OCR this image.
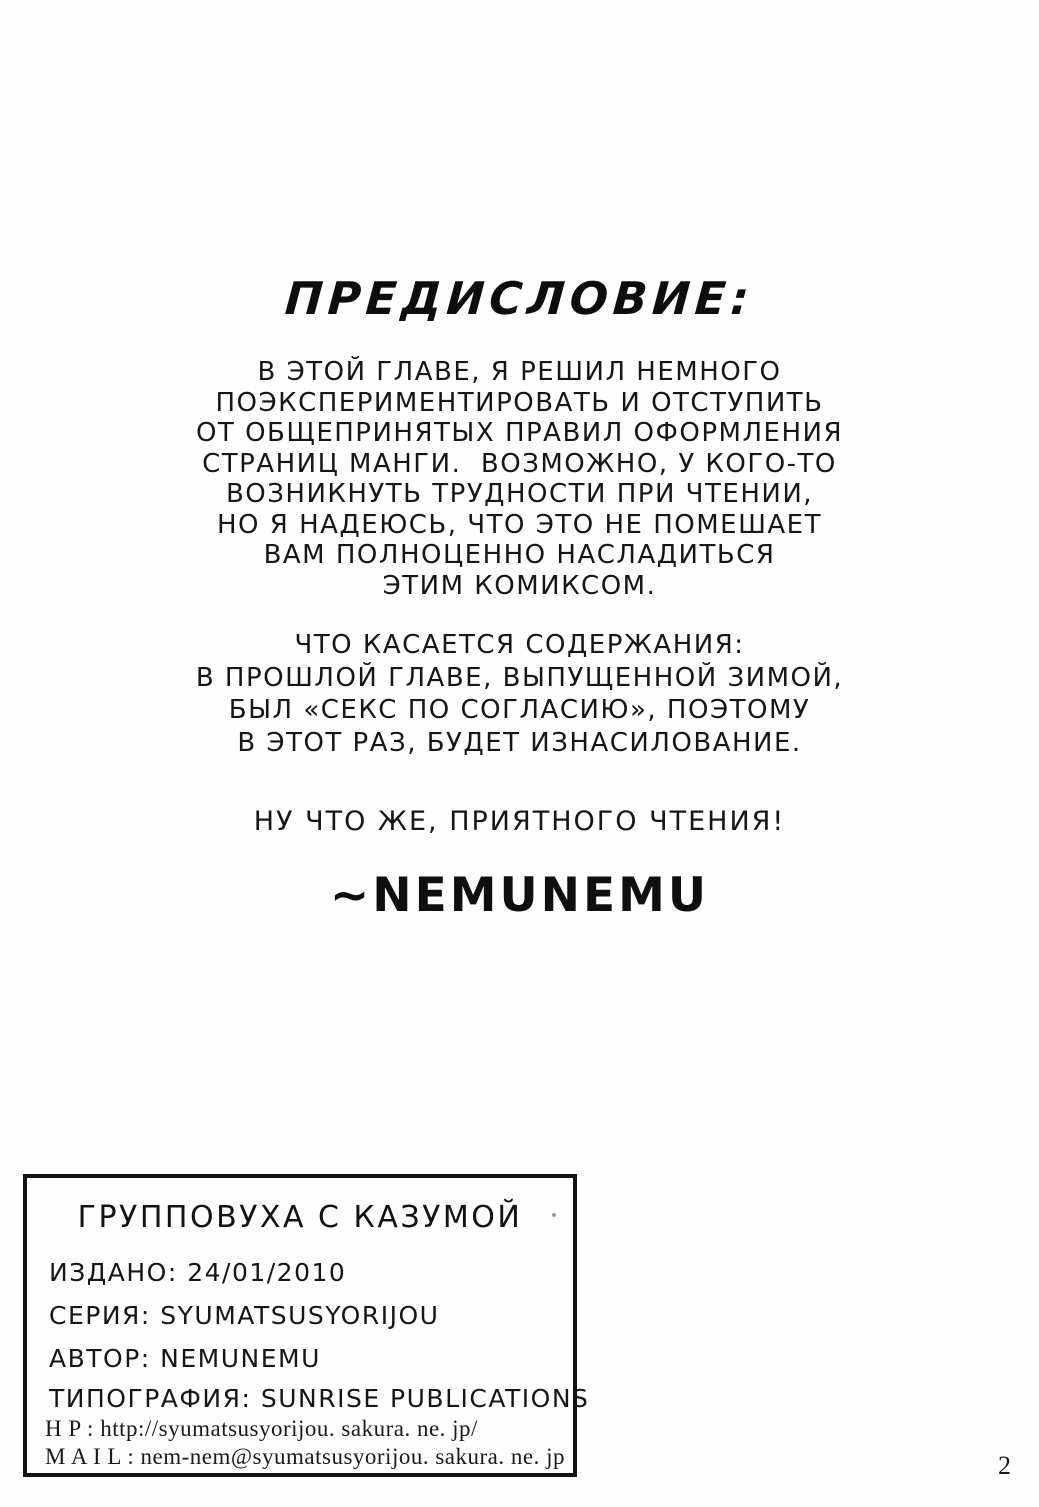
ПРЕДИСЛОВИЕ:
В ЭТОЙ ГЛАВЕ, Я РЕШИЛ НЕМНОГО
ПОЭКСПЕРИМЕНТИРОВАТЬ И ОТСТУПИТЬ
ОТ ОБЩЕПРИНЯТЫХ ПРАВИЛ ОФОРМЛЕНИЯ
СТРАНИЦ МАНГИ.  ВОЗМОЖНО, У КОГО-ТО
ВОЗНИКНУТЬ ТРУДНОСТИ ПРИ ЧТЕНИИ,
НО Я НАДЕЮСЬ, ЧТО ЭТО НЕ ПОМЕШАЕТ
ВАМ ПОЛНОЦЕННО НАСЛАДИТЬСЯ
ЭТИМ КОМИКСОМ.
ЧТО КАСАЕТСЯ СОДЕРЖАНИЯ:
В ПРОШЛОЙ ГЛАВЕ, ВЫПУЩЕННОЙ ЗИМОЙ,
БЫЛ «СЕКС ПО СОГЛАСИЮ», ПОЭТОМУ
В ЭТОТ РАЗ, БУДЕТ ИЗНАСИЛОВАНИЕ.
НУ ЧТО ЖЕ, ПРИЯТНОГО ЧТЕНИЯ!
~NEMUNEMU
ГРУППОВУХА С КАЗУМОЙ
ИЗДАНО: 24/01/2010
СЕРИЯ: SYUMATSUSYORIJOU
АВТОР: NEMUNEMU
ТИПОГРАФИЯ: SUNRISE PUBLICATIONS
H P : http://syumatsusyorijou. sakura. ne. jp/
M A I L : nem-nem@syumatsusyorijou. sakura. ne. jp	2
